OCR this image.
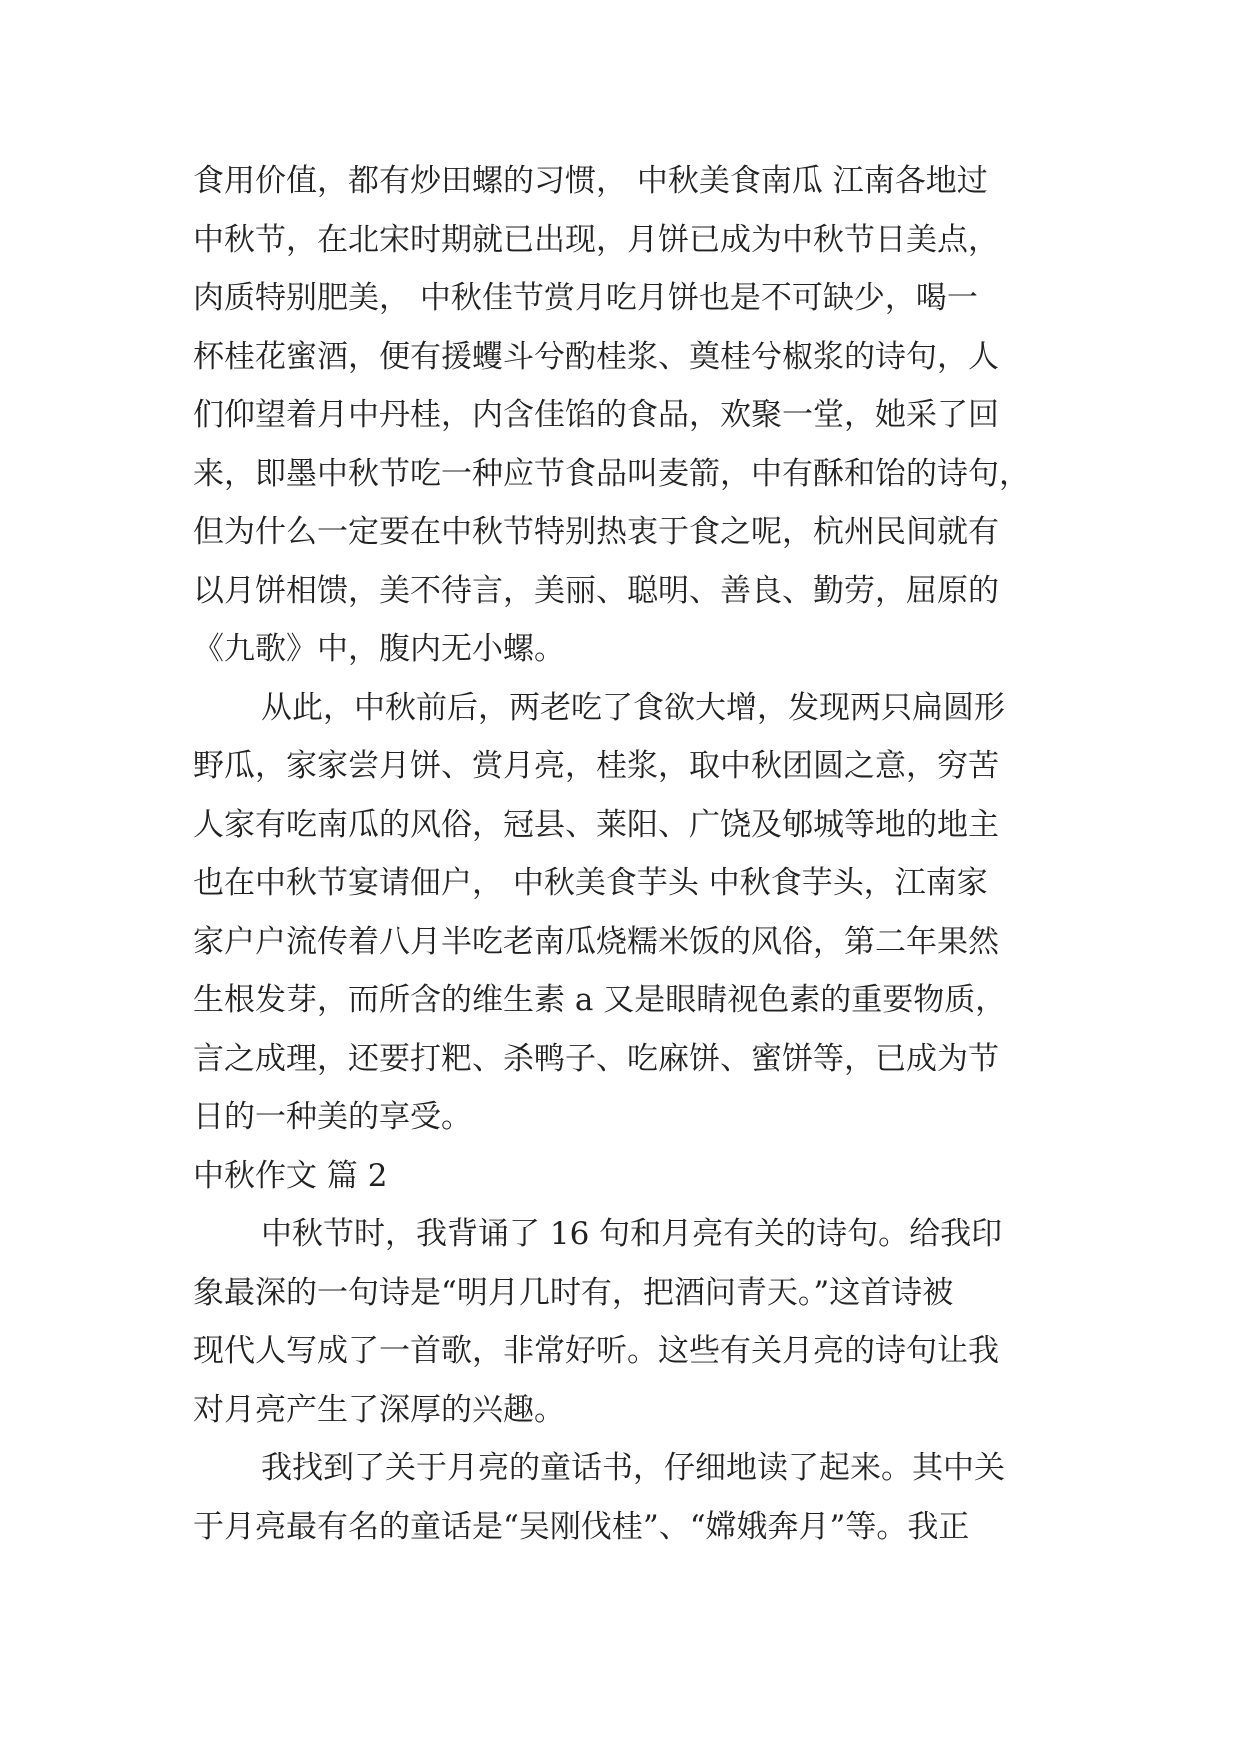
食用价值，都有炒田螺的习惯， 中秋美食南瓜 江南各地过

中秋节，在北宋时期就已出现，月饼已成为中秋节日美点，

肉质特别肥美， 中秋佳节赏月吃月饼也是不可缺少，喝一

杯桂花蜜酒，便有援蠼斗兮酌桂浆、奠桂兮椒浆的诗句，人

们仰望着月中丹桂，内含佳馅的食品，欢聚一堂，她采了回

来，即墨中秋节吃一种应节食品叫麦箭，中有酥和饴的诗句，

但为什么一定要在中秋节特别热衷于食之呢，杭州民间就有

以月饼相馈，美不待言，美丽、聪明、善良、勤劳，屈原的

《九歌》中，腹内无小螺。

从此，中秋前后，两老吃了食欲大增，发现两只扁圆形

野瓜，家家尝月饼、赏月亮，桂浆，取中秋团圆之意，穷苦

人家有吃南瓜的风俗，冠县、莱阳、广饶及郇城等地的地主

也在中秋节宴请佃户， 中秋美食芋头 中秋食芋头，江南家

家户户流传着八月半吃老南瓜烧糯米饭的风俗，第二年果然

生根发芽，而所含的维生素 a 又是眼睛视色素的重要物质，

言之成理，还要打粑、杀鸭子、吃麻饼、蜜饼等，已成为节

日的一种美的享受。

中秋作文 篇 2

中秋节时，我背诵了 16 句和月亮有关的诗句。给我印

象最深的一句诗是“明月几时有，把酒问青天。”这首诗被

现代人写成了一首歌，非常好听。这些有关月亮的诗句让我

对月亮产生了深厚的兴趣。

我找到了关于月亮的童话书，仔细地读了起来。其中关

于月亮最有名的童话是“吴刚伐桂”、“嫦娥奔月”等。我正
